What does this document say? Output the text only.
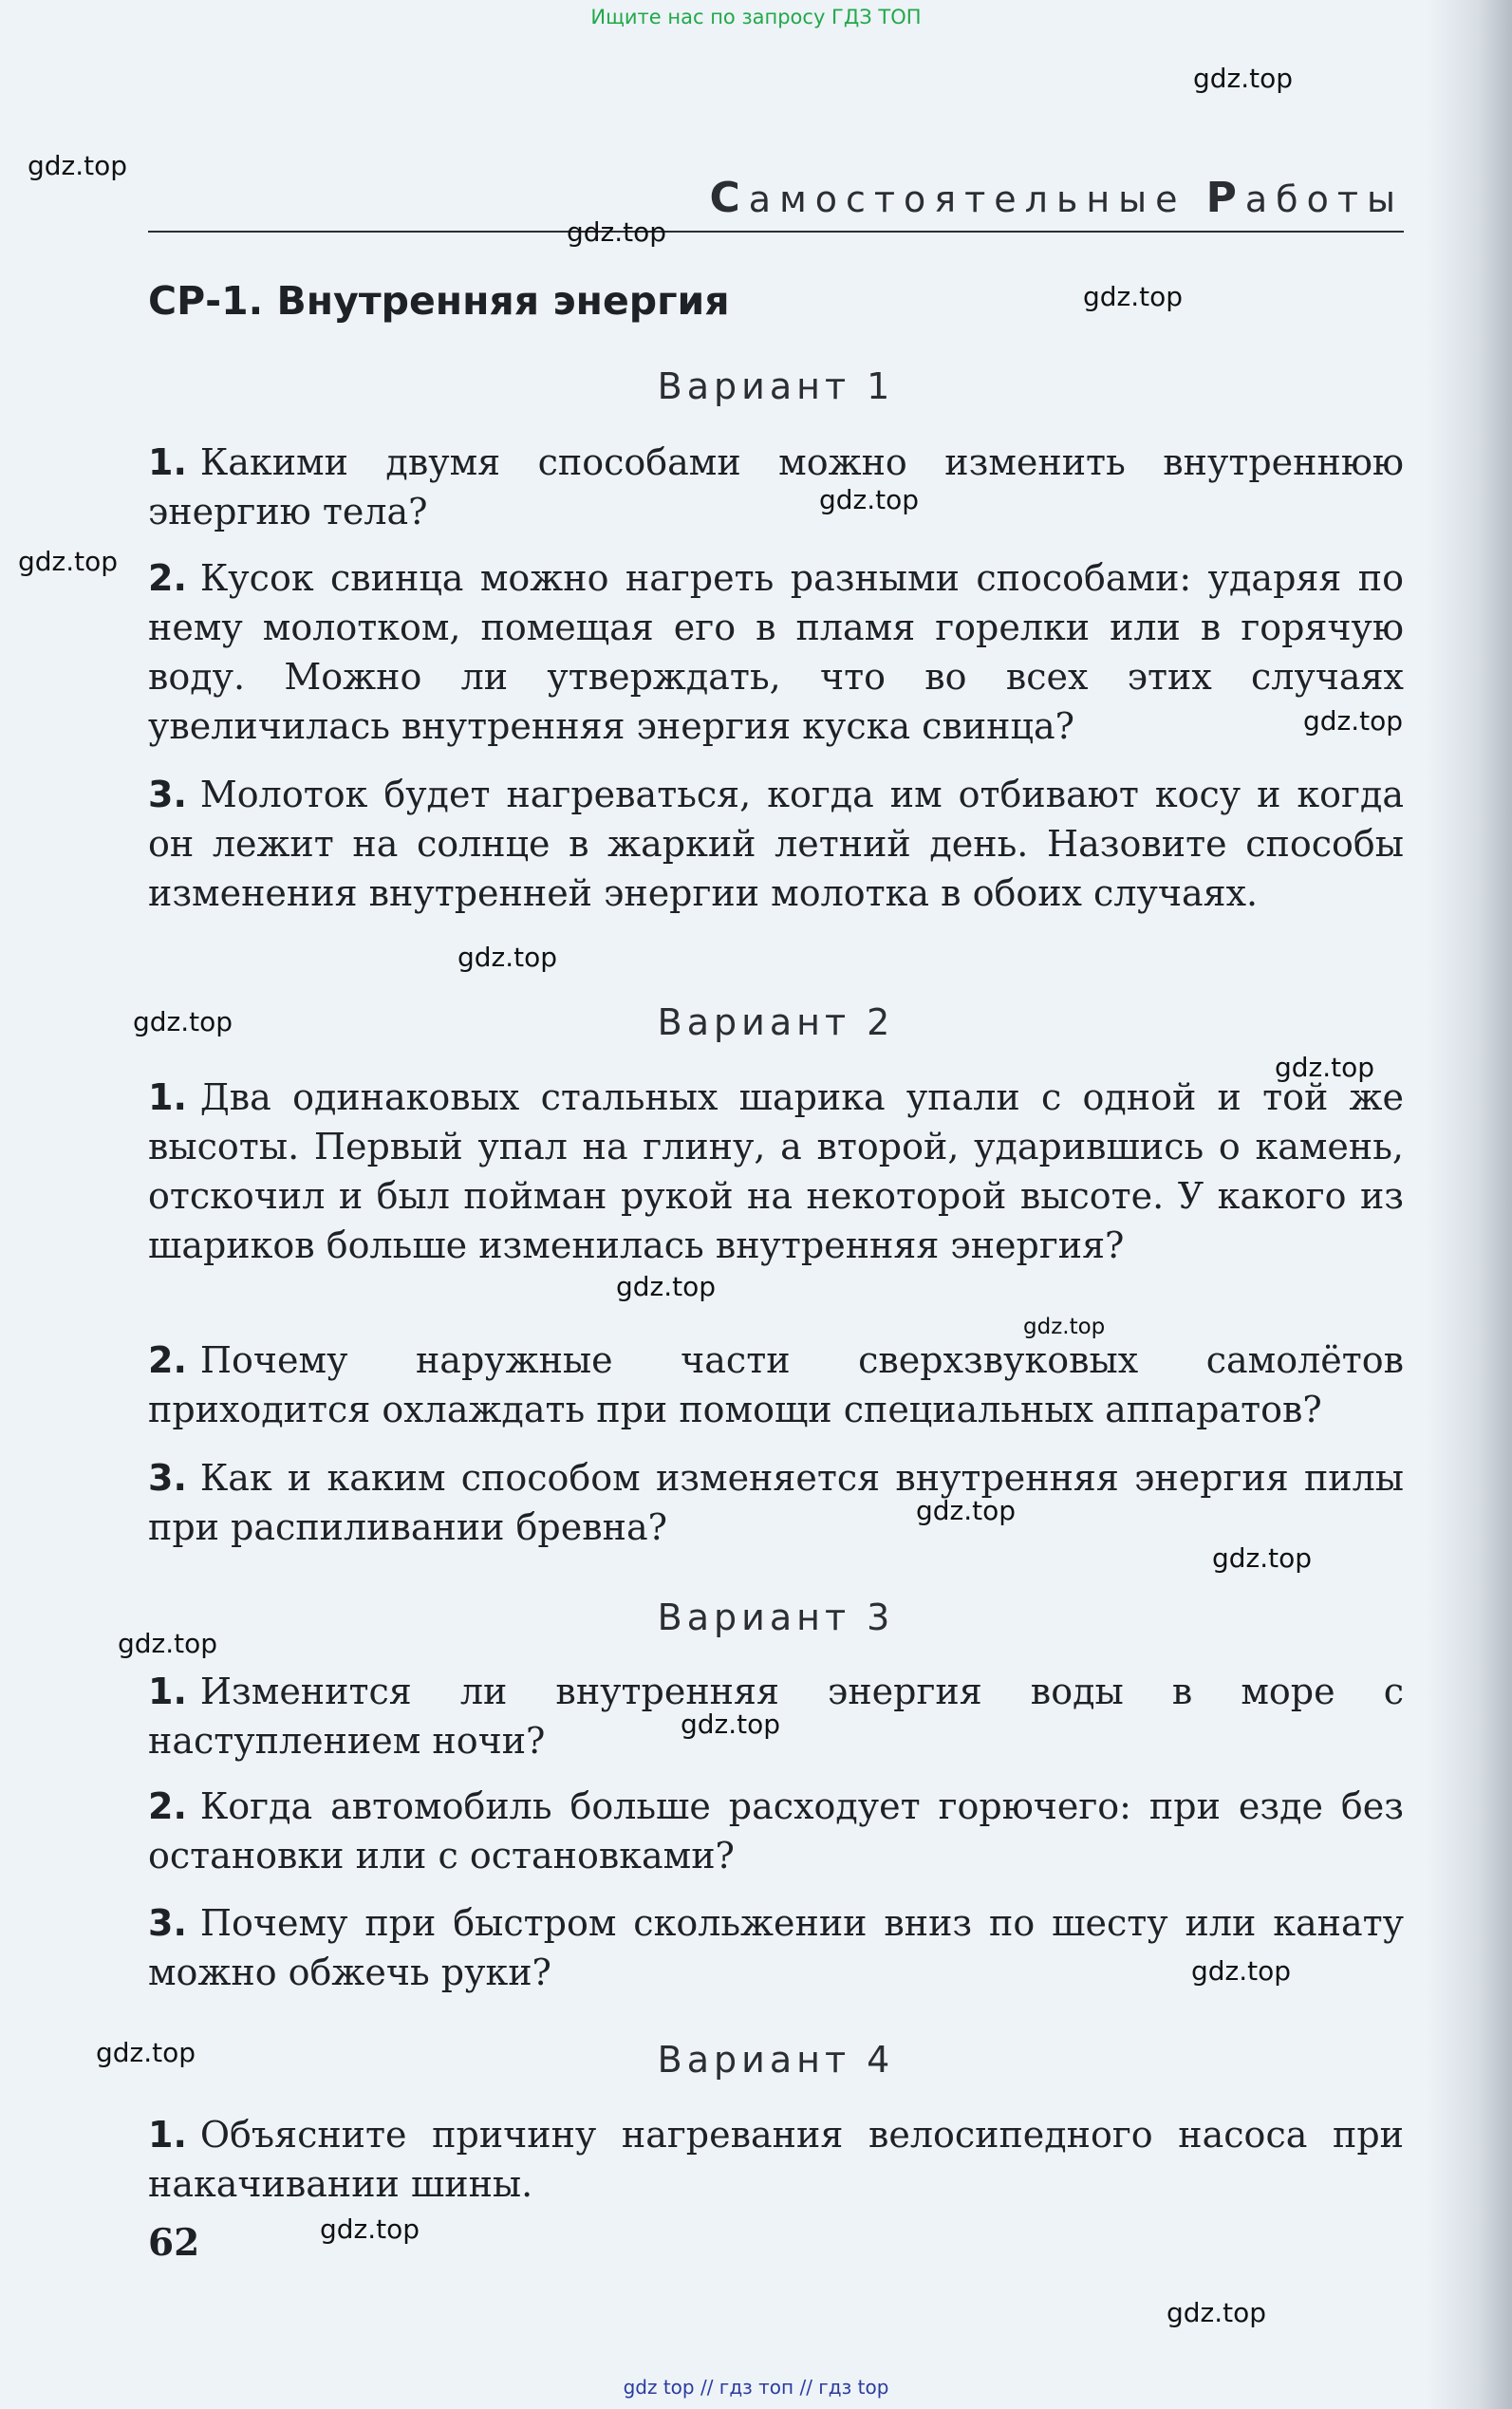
Ищите нас по запросу ГДЗ ТОП
Самостоятельные Работы
СР-1. Внутренняя энергия
Вариант 1
1. Какими двумя способами можно изменить внутреннюю энергию тела?
2. Кусок свинца можно нагреть разными способами: ударяя по нему молотком, помещая его в пламя горелки или в горячую воду. Можно ли утверждать, что во всех этих случаях увеличилась внутренняя энергия куска свинца?
3. Молоток будет нагреваться, когда им отбивают косу и когда он лежит на солнце в жаркий летний день. Назовите способы изменения внутренней энергии молотка в обоих случаях.
Вариант 2
1. Два одинаковых стальных шарика упали с одной и той же высоты. Первый упал на глину, а второй, ударившись о камень, отскочил и был пойман рукой на некоторой высоте. У какого из шариков больше изменилась внутренняя энергия?
2. Почему наружные части сверхзвуковых самолётов приходится охлаждать при помощи специальных аппаратов?
3. Как и каким способом изменяется внутренняя энергия пилы при распиливании бревна?
Вариант 3
1. Изменится ли внутренняя энергия воды в море с наступлением ночи?
2. Когда автомобиль больше расходует горючего: при езде без остановки или с остановками?
3. Почему при быстром скольжении вниз по шесту или канату можно обжечь руки?
Вариант 4
1. Объясните причину нагревания велосипедного насоса при накачивании шины.
62
gdz.top
gdz.top
gdz.top
gdz.top
gdz.top
gdz.top
gdz.top
gdz.top
gdz.top
gdz.top
gdz.top
gdz.top
gdz.top
gdz.top
gdz.top
gdz.top
gdz.top
gdz.top
gdz.top
gdz.top
gdz top // гдз топ // гдз top
